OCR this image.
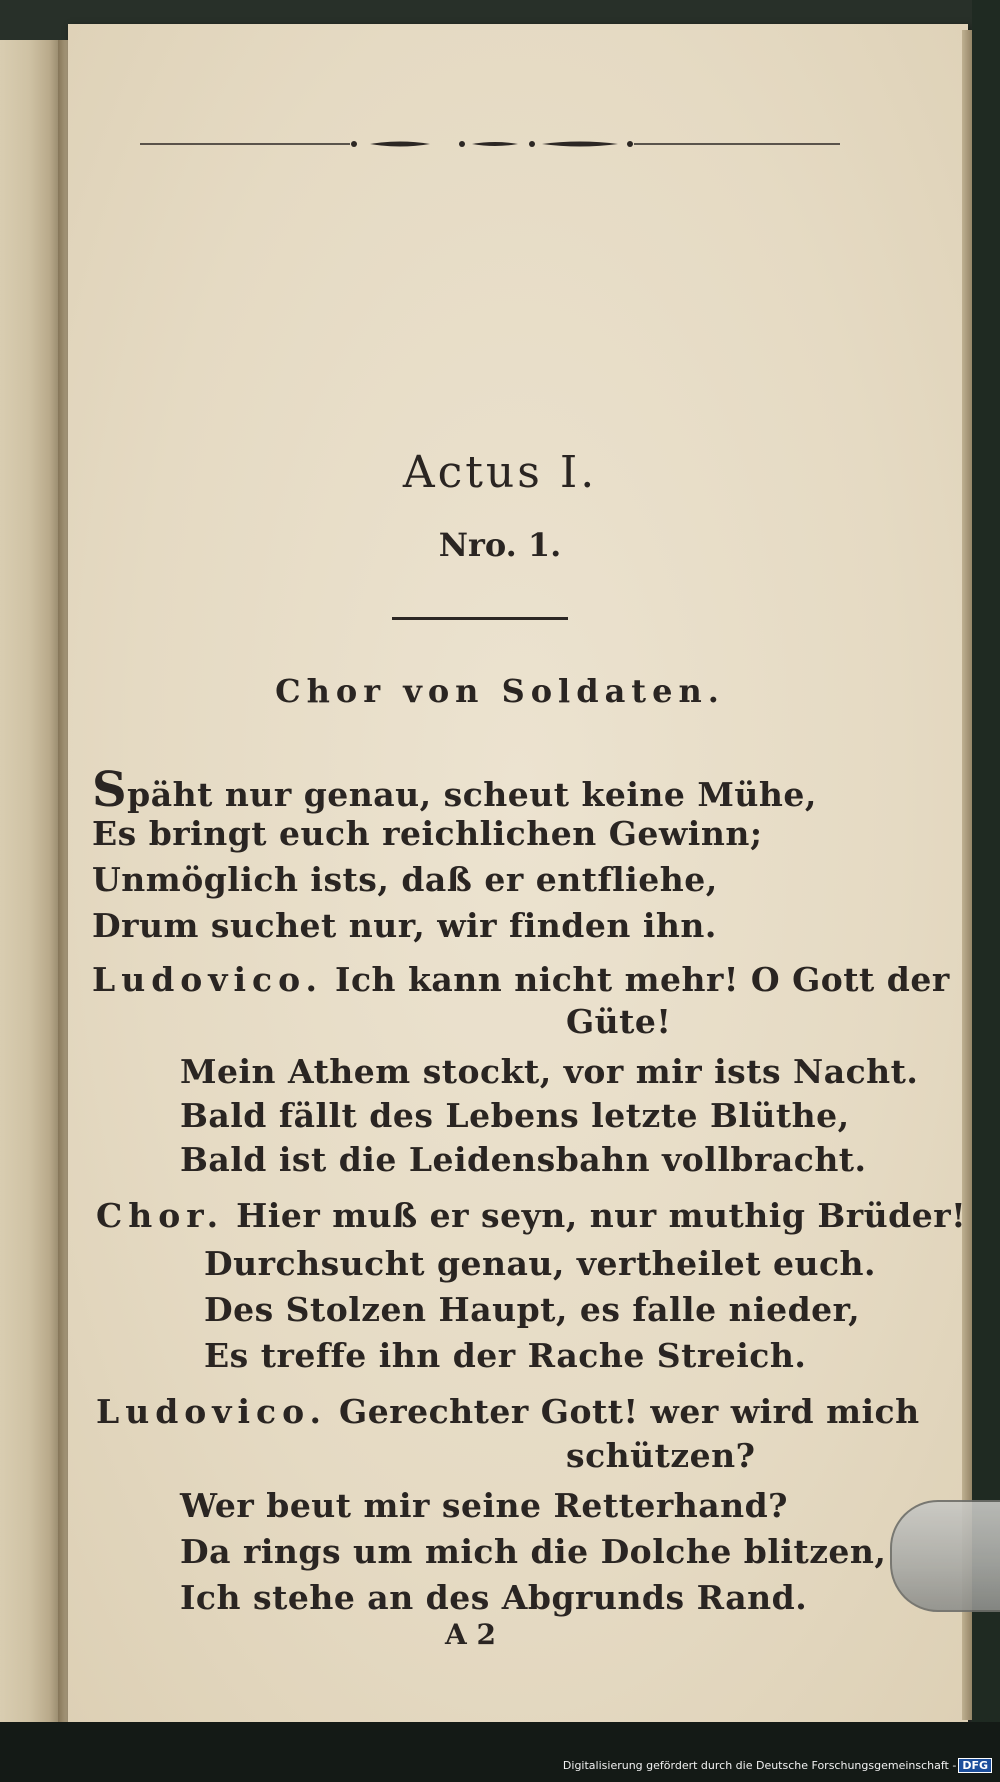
Actus I.
Nro. 1.
Chor von Soldaten.
Späht nur genau, scheut keine Mühe,
Es bringt euch reichlichen Gewinn;
Unmöglich ists, daß er entfliehe,
Drum suchet nur, wir finden ihn.
Ludovico. Ich kann nicht mehr! O Gott der
Güte!
Mein Athem stockt, vor mir ists Nacht.
Bald fällt des Lebens letzte Blüthe,
Bald ist die Leidensbahn vollbracht.
Chor. Hier muß er seyn, nur muthig Brüder!
Durchsucht genau, vertheilet euch.
Des Stolzen Haupt, es falle nieder,
Es treffe ihn der Rache Streich.
Ludovico. Gerechter Gott! wer wird mich
schützen?
Wer beut mir seine Retterhand?
Da rings um mich die Dolche blitzen,
Ich stehe an des Abgrunds Rand.
A 2
Digitalisierung gefördert durch die Deutsche Forschungsgemeinschaft - DFG
